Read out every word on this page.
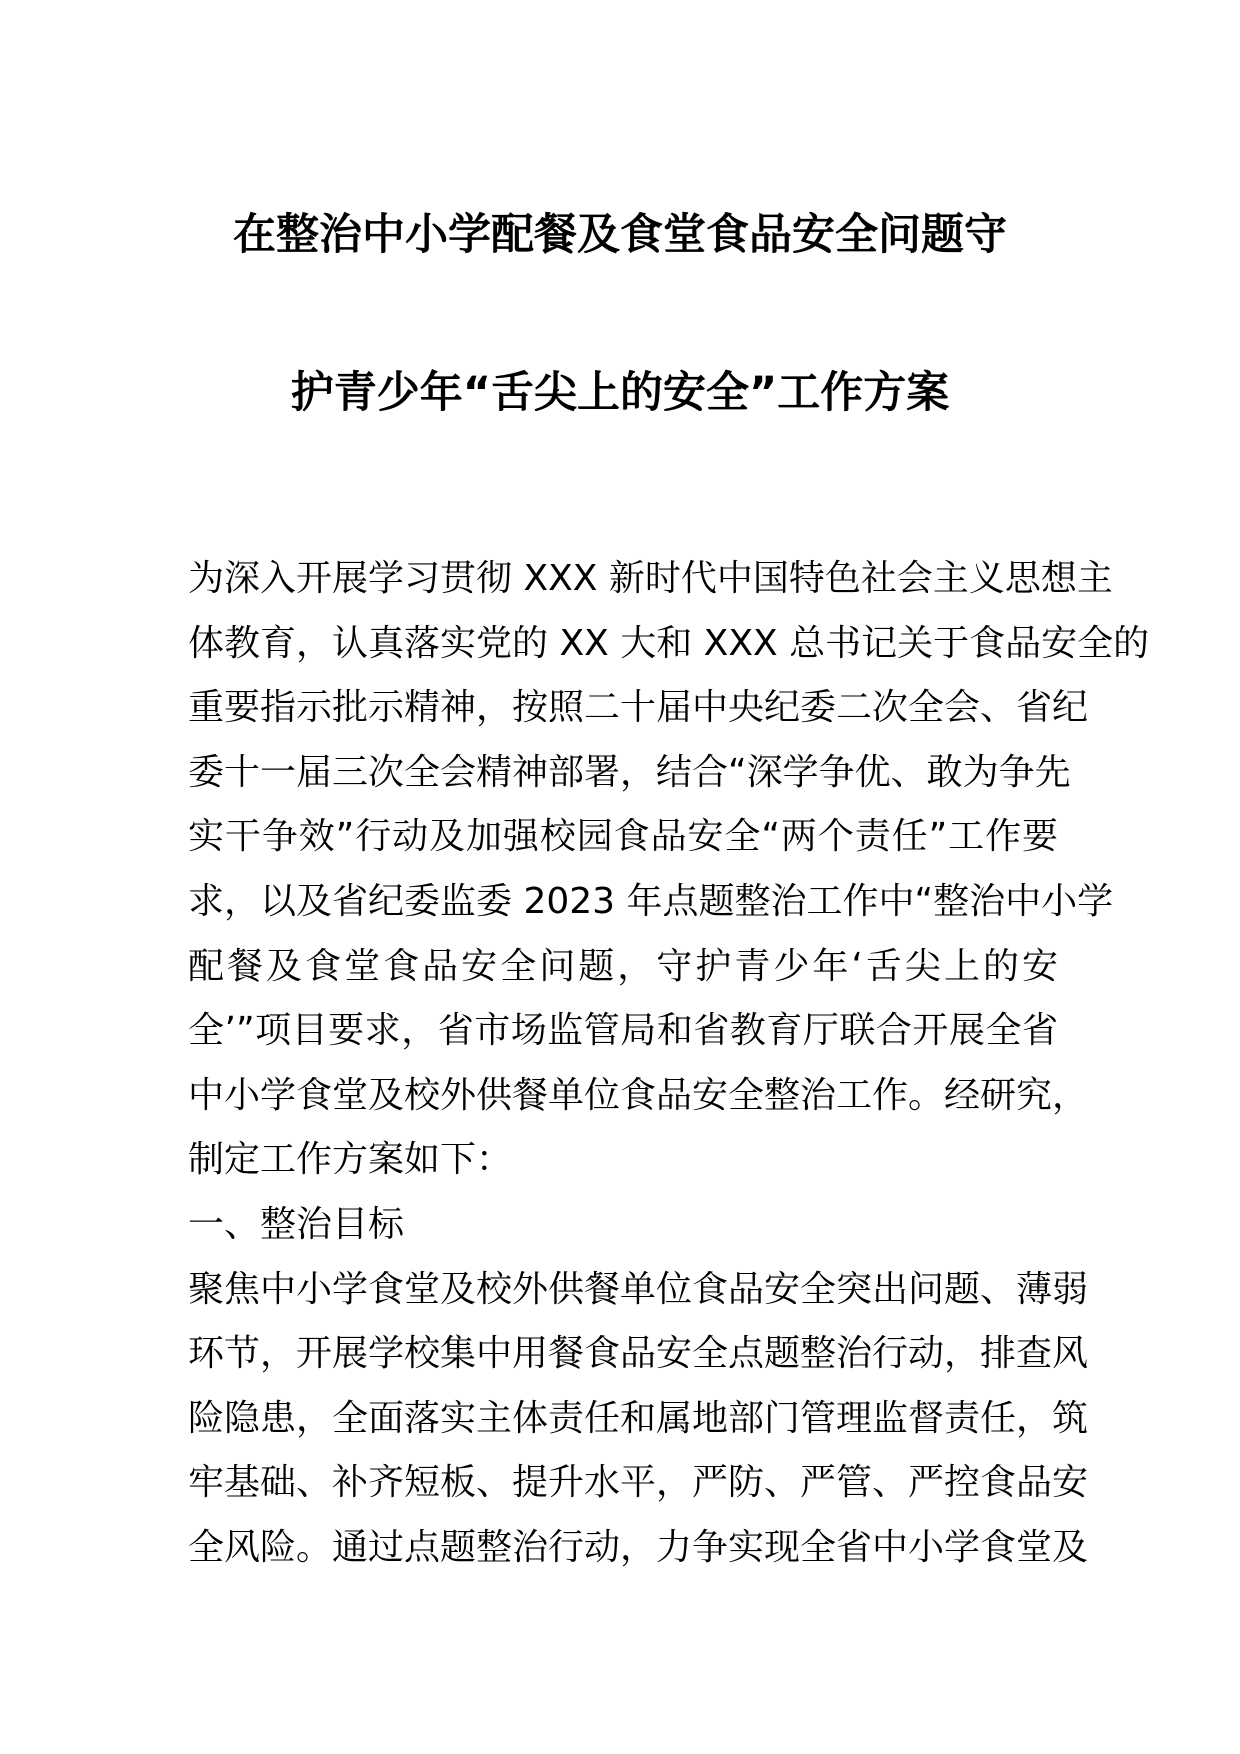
在整治中小学配餐及食堂食品安全问题守
护青少年“舌尖上的安全”工作方案
为深入开展学习贯彻 XXX 新时代中国特色社会主义思想主
体教育，认真落实党的 XX 大和 XXX 总书记关于食品安全的
重要指示批示精神，按照二十届中央纪委二次全会、省纪
委十一届三次全会精神部署，结合“深学争优、敢为争先
实干争效”行动及加强校园食品安全“两个责任”工作要
求，以及省纪委监委 2023 年点题整治工作中“整治中小学
配餐及食堂食品安全问题，守护青少年‘舌尖上的安
全’”项目要求，省市场监管局和省教育厅联合开展全省
中小学食堂及校外供餐单位食品安全整治工作。经研究，
制定工作方案如下：
一、整治目标
聚焦中小学食堂及校外供餐单位食品安全突出问题、薄弱
环节，开展学校集中用餐食品安全点题整治行动，排查风
险隐患，全面落实主体责任和属地部门管理监督责任，筑
牢基础、补齐短板、提升水平，严防、严管、严控食品安
全风险。通过点题整治行动，力争实现全省中小学食堂及
